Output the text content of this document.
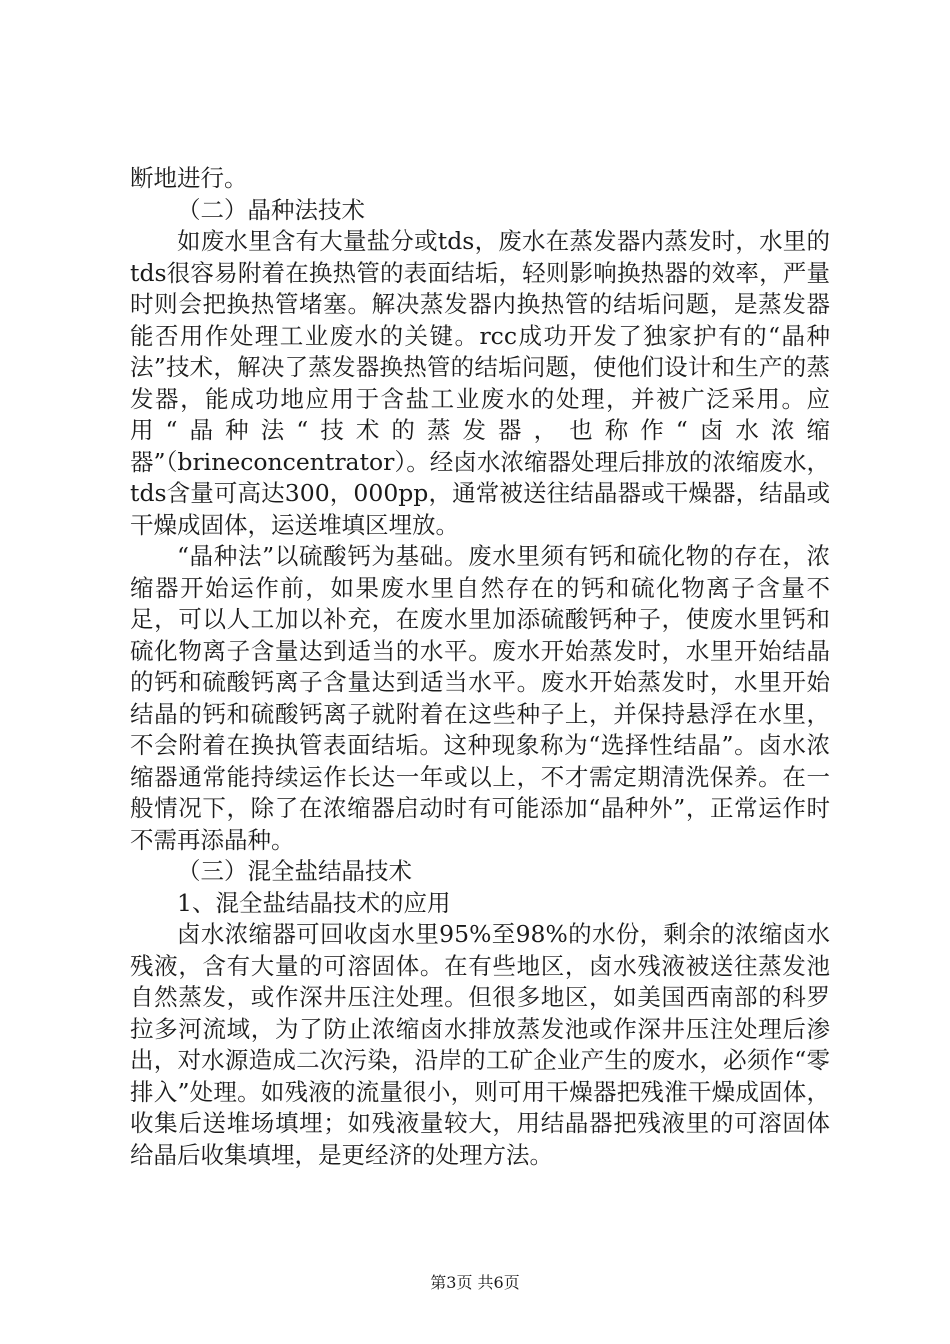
断地进行。

（二）晶种法技术

如废水里含有大量盐分或tds，废水在蒸发器内蒸发时，水里的tds很容易附着在换热管的表面结垢，轻则影响换热器的效率，严量时则会把换热管堵塞。解决蒸发器内换热管的结垢问题，是蒸发器能否用作处理工业废水的关键。rcc成功开发了独家护有的“晶种法”技术，解决了蒸发器换热管的结垢问题，使他们设计和生产的蒸发器，能成功地应用于含盐工业废水的处理，并被广泛采用。应用“晶种法“技术的蒸发器，也称作“卤水浓缩器”（brineconcentrator）。经卤水浓缩器处理后排放的浓缩废水，tds含量可高达300，000pp，通常被送往结晶器或干燥器，结晶或干燥成固体，运送堆填区埋放。

“晶种法”以硫酸钙为基础。废水里须有钙和硫化物的存在，浓缩器开始运作前，如果废水里自然存在的钙和硫化物离子含量不足，可以人工加以补充，在废水里加添硫酸钙种子，使废水里钙和硫化物离子含量达到适当的水平。废水开始蒸发时，水里开始结晶的钙和硫酸钙离子含量达到适当水平。废水开始蒸发时，水里开始结晶的钙和硫酸钙离子就附着在这些种子上，并保持悬浮在水里，不会附着在换执管表面结垢。这种现象称为“选择性结晶”。卤水浓缩器通常能持续运作长达一年或以上，不才需定期清洗保养。在一般情况下，除了在浓缩器启动时有可能添加“晶种外”，正常运作时不需再添晶种。

（三）混全盐结晶技术

1、混全盐结晶技术的应用

卤水浓缩器可回收卤水里95%至98%的水份，剩余的浓缩卤水残液，含有大量的可溶固体。在有些地区，卤水残液被送往蒸发池自然蒸发，或作深井压注处理。但很多地区，如美国西南部的科罗拉多河流域，为了防止浓缩卤水排放蒸发池或作深井压注处理后渗出，对水源造成二次污染，沿岸的工矿企业产生的废水，必须作“零排入”处理。如残液的流量很小，则可用干燥器把残淮干燥成固体，收集后送堆场填埋；如残液量较大，用结晶器把残液里的可溶固体给晶后收集填埋，是更经济的处理方法。

第3页 共6页
